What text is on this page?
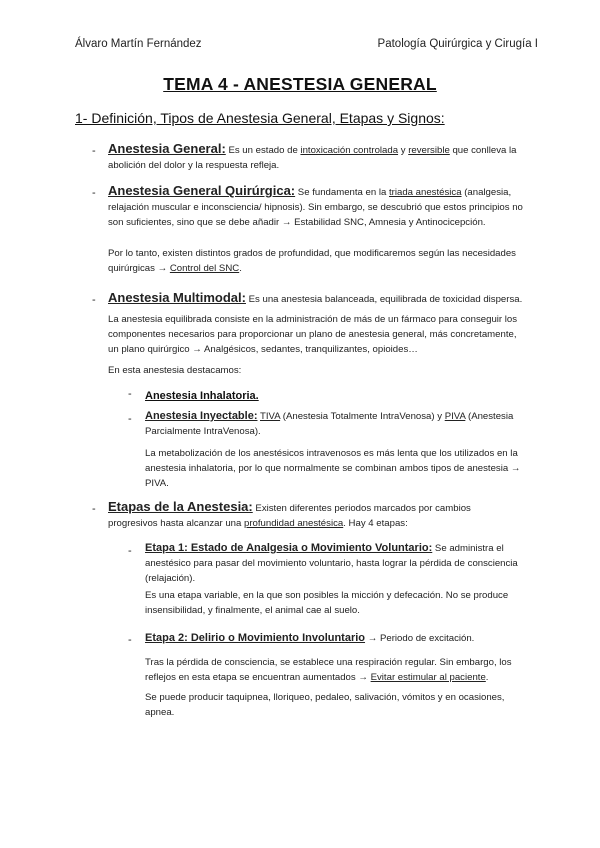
Álvaro Martín Fernández	Patología Quirúrgica y Cirugía I
TEMA 4 - ANESTESIA GENERAL
1- Definición, Tipos de Anestesia General, Etapas y Signos:
- Anestesia General: Es un estado de intoxicación controlada y reversible que conlleva la abolición del dolor y la respuesta refleja.
- Anestesia General Quirúrgica: Se fundamenta en la triada anestésica (analgesia, relajación muscular e inconsciencia/ hipnosis). Sin embargo, se descubrió que estos principios no son suficientes, sino que se debe añadir → Estabilidad SNC, Amnesia y Antinocicepción.
Por lo tanto, existen distintos grados de profundidad, que modificaremos según las necesidades quirúrgicas → Control del SNC.
- Anestesia Multimodal: Es una anestesia balanceada, equilibrada de toxicidad dispersa.

La anestesia equilibrada consiste en la administración de más de un fármaco para conseguir los componentes necesarios para proporcionar un plano de anestesia general, más concretamente, un plano quirúrgico → Analgésicos, sedantes, tranquilizantes, opioides…

En esta anestesia destacamos:

- Anestesia Inhalatoria.
- Anestesia Inyectable: TIVA (Anestesia Totalmente IntraVenosa) y PIVA (Anestesia Parcialmente IntraVenosa).

La metabolización de los anestésicos intravenosos es más lenta que los utilizados en la anestesia inhalatoria, por lo que normalmente se combinan ambos tipos de anestesia → PIVA.

- Etapas de la Anestesia: Existen diferentes periodos marcados por cambios progresivos hasta alcanzar una profundidad anestésica. Hay 4 etapas:
- Etapa 1: Estado de Analgesia o Movimiento Voluntario: Se administra el anestésico para pasar del movimiento voluntario, hasta lograr la pérdida de consciencia (relajación).

Es una etapa variable, en la que son posibles la micción y defecación. No se produce insensibilidad, y finalmente, el animal cae al suelo.

- Etapa 2: Delirio o Movimiento Involuntario → Periodo de excitación.
Tras la pérdida de consciencia, se establece una respiración regular. Sin embargo, los reflejos en esta etapa se encuentran aumentados → Evitar estimular al paciente.

Se puede producir taquipnea, lloriqueo, pedaleo, salivación, vómitos y en ocasiones, apnea.
